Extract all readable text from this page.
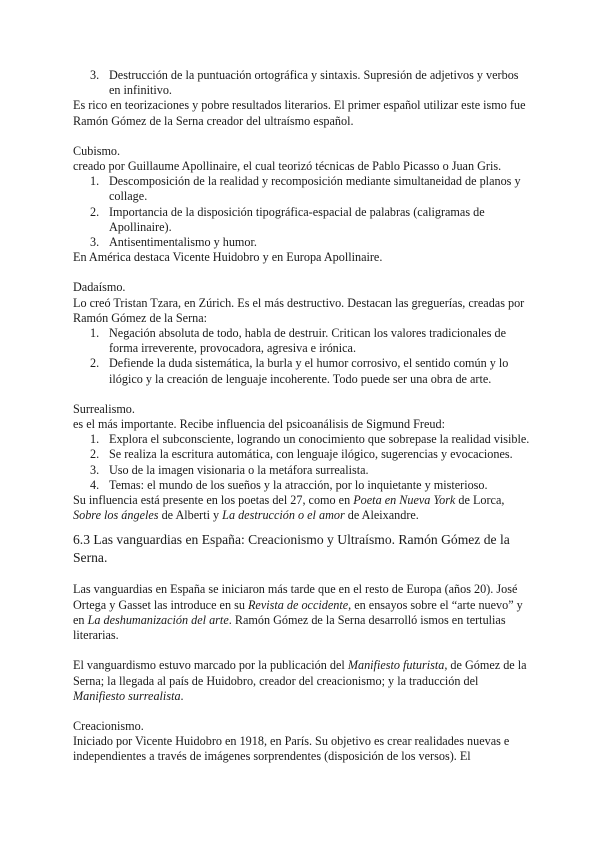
3. Destrucción de la puntuación ortográfica y sintaxis. Supresión de adjetivos y verbos en infinitivo.

Es rico en teorizaciones y pobre resultados literarios. El primer español utilizar este ismo fue Ramón Gómez de la Serna creador del ultraísmo español.

Cubismo.

creado por Guillaume Apollinaire, el cual teorizó técnicas de Pablo Picasso o Juan Gris.

1. Descomposición de la realidad y recomposición mediante simultaneidad de planos y collage.
2. Importancia de la disposición tipográfica-espacial de palabras (caligramas de Apollinaire).
3. Antisentimentalismo y humor.

En América destaca Vicente Huidobro y en Europa Apollinaire.

Dadaísmo.

Lo creó Tristan Tzara, en Zúrich. Es el más destructivo. Destacan las greguerías, creadas por Ramón Gómez de la Serna:

1. Negación absoluta de todo, habla de destruir. Critican los valores tradicionales de forma irreverente, provocadora, agresiva e irónica.
2. Defiende la duda sistemática, la burla y el humor corrosivo, el sentido común y lo ilógico y la creación de lenguaje incoherente. Todo puede ser una obra de arte.

Surrealismo.

es el más importante. Recibe influencia del psicoanálisis de Sigmund Freud:

1. Explora el subconsciente, logrando un conocimiento que sobrepase la realidad visible.
2. Se realiza la escritura automática, con lenguaje ilógico, sugerencias y evocaciones.
3. Uso de la imagen visionaria o la metáfora surrealista.
4. Temas: el mundo de los sueños y la atracción, por lo inquietante y misterioso.

Su influencia está presente en los poetas del 27, como en Poeta en Nueva York de Lorca, Sobre los ángeles de Alberti y La destrucción o el amor de Aleixandre.

6.3 Las vanguardias en España: Creacionismo y Ultraísmo. Ramón Gómez de la Serna.

Las vanguardias en España se iniciaron más tarde que en el resto de Europa (años 20). José Ortega y Gasset las introduce en su Revista de occidente, en ensayos sobre el “arte nuevo” y en La deshumanización del arte. Ramón Gómez de la Serna desarrolló ismos en tertulias literarias.

El vanguardismo estuvo marcado por la publicación del Manifiesto futurista, de Gómez de la Serna; la llegada al país de Huidobro, creador del creacionismo; y la traducción del Manifiesto surrealista.

Creacionismo.

Iniciado por Vicente Huidobro en 1918, en París. Su objetivo es crear realidades nuevas e independientes a través de imágenes sorprendentes (disposición de los versos). El
